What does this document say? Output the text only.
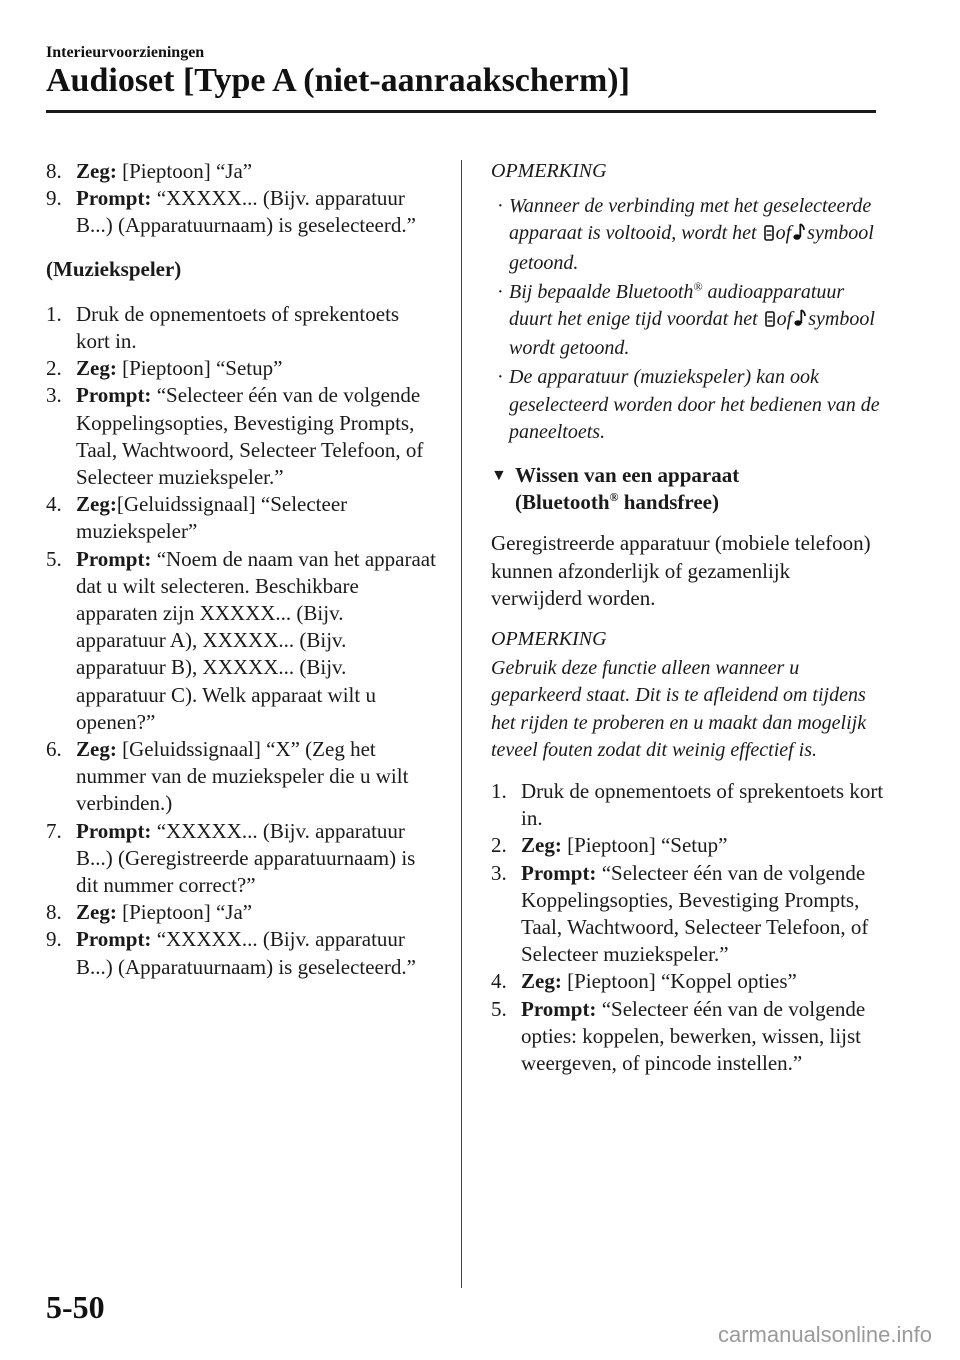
Interieurvoorzieningen
Audioset [Type A (niet-aanraakscherm)]
8. Zeg: [Pieptoon] “Ja”
9. Prompt: “XXXXX... (Bijv. apparatuur B...) (Apparatuurnaam) is geselecteerd.”
(Muziekspeler)
1. Druk de opnementoets of sprekentoets kort in.
2. Zeg: [Pieptoon] “Setup”
3. Prompt: “Selecteer één van de volgende Koppelingsopties, Bevestiging Prompts, Taal, Wachtwoord, Selecteer Telefoon, of Selecteer muziekspeler.”
4. Zeg:[Geluidssignaal] “Selecteer muziekspeler”
5. Prompt: “Noem de naam van het apparaat dat u wilt selecteren. Beschikbare apparaten zijn XXXXX... (Bijv. apparatuur A), XXXXX... (Bijv. apparatuur B), XXXXX... (Bijv. apparatuur C). Welk apparaat wilt u openen?”
6. Zeg: [Geluidssignaal] “X” (Zeg het nummer van de muziekspeler die u wilt verbinden.)
7. Prompt: “XXXXX... (Bijv. apparatuur B...) (Geregistreerde apparatuurnaam) is dit nummer correct?”
8. Zeg: [Pieptoon] “Ja”
9. Prompt: “XXXXX... (Bijv. apparatuur B...) (Apparatuurnaam) is geselecteerd.”
OPMERKING
· Wanneer de verbinding met het geselecteerde apparaat is voltooid, wordt het of symbool getoond.
· Bij bepaalde Bluetooth® audioapparatuur duurt het enige tijd voordat het of symbool wordt getoond.
· De apparatuur (muziekspeler) kan ook geselecteerd worden door het bedienen van de paneeltoets.
▼ Wissen van een apparaat
(Bluetooth® handsfree)
Geregistreerde apparatuur (mobiele telefoon) kunnen afzonderlijk of gezamenlijk verwijderd worden.
OPMERKING
Gebruik deze functie alleen wanneer u geparkeerd staat. Dit is te afleidend om tijdens het rijden te proberen en u maakt dan mogelijk teveel fouten zodat dit weinig effectief is.
1. Druk de opnementoets of sprekentoets kort in.
2. Zeg: [Pieptoon] “Setup”
3. Prompt: “Selecteer één van de volgende Koppelingsopties, Bevestiging Prompts, Taal, Wachtwoord, Selecteer Telefoon, of Selecteer muziekspeler.”
4. Zeg: [Pieptoon] “Koppel opties”
5. Prompt: “Selecteer één van de volgende opties: koppelen, bewerken, wissen, lijst weergeven, of pincode instellen.”
5-50
carmanualsonline.info
